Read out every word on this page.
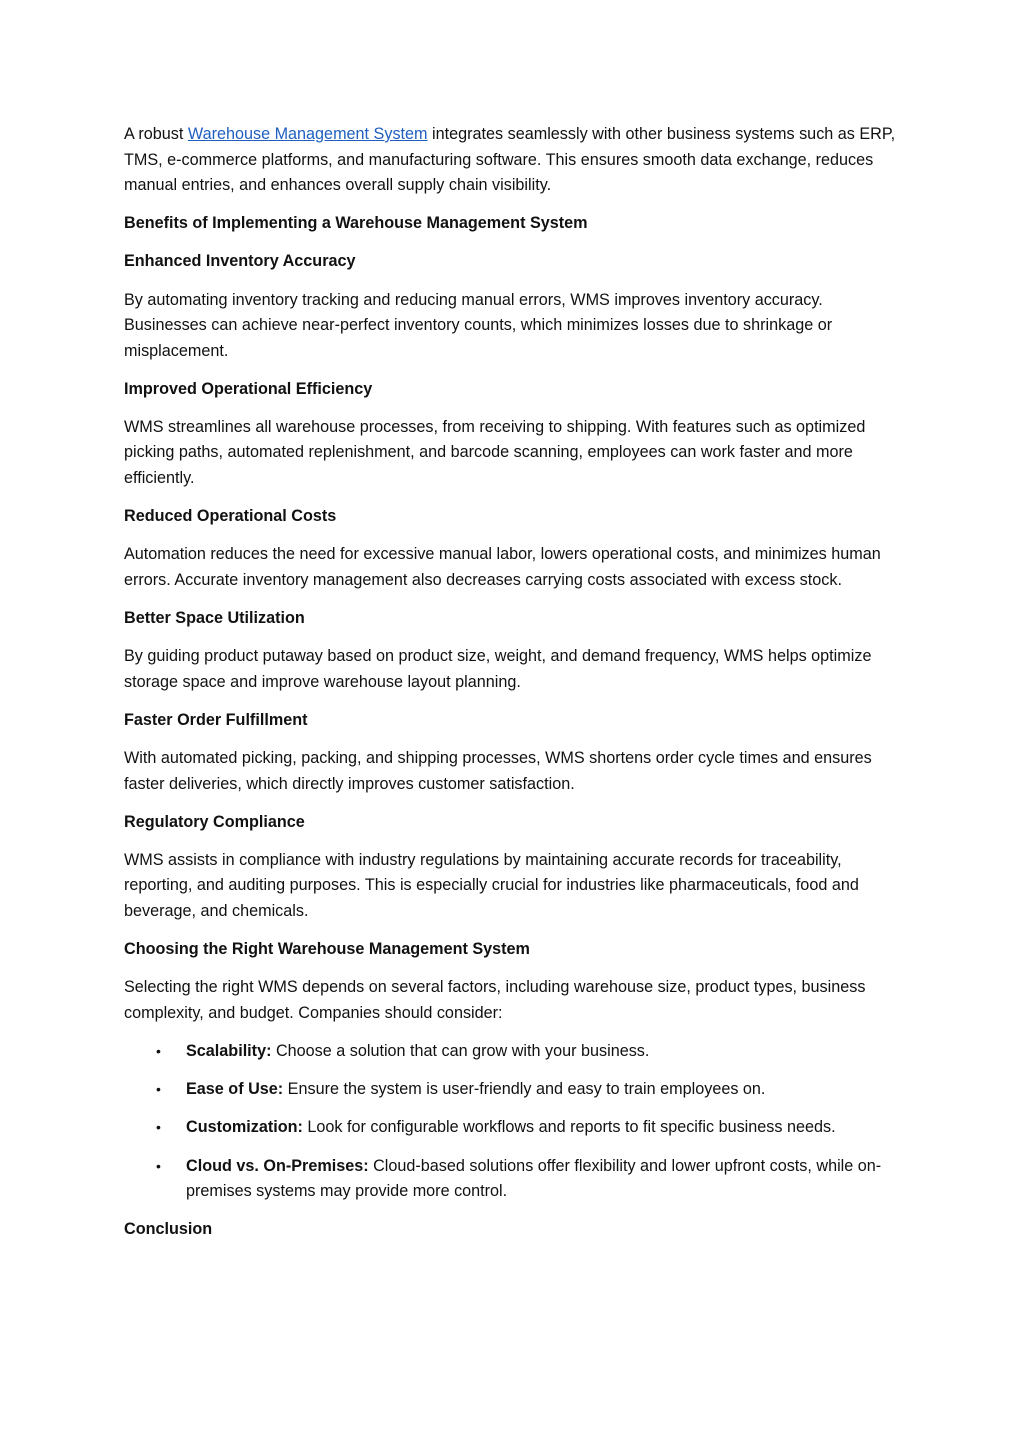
A robust Warehouse Management System integrates seamlessly with other business systems such as ERP, TMS, e-commerce platforms, and manufacturing software. This ensures smooth data exchange, reduces manual entries, and enhances overall supply chain visibility.

Benefits of Implementing a Warehouse Management System

Enhanced Inventory Accuracy

By automating inventory tracking and reducing manual errors, WMS improves inventory accuracy. Businesses can achieve near-perfect inventory counts, which minimizes losses due to shrinkage or misplacement.

Improved Operational Efficiency

WMS streamlines all warehouse processes, from receiving to shipping. With features such as optimized picking paths, automated replenishment, and barcode scanning, employees can work faster and more efficiently.

Reduced Operational Costs

Automation reduces the need for excessive manual labor, lowers operational costs, and minimizes human errors. Accurate inventory management also decreases carrying costs associated with excess stock.

Better Space Utilization

By guiding product putaway based on product size, weight, and demand frequency, WMS helps optimize storage space and improve warehouse layout planning.

Faster Order Fulfillment

With automated picking, packing, and shipping processes, WMS shortens order cycle times and ensures faster deliveries, which directly improves customer satisfaction.

Regulatory Compliance

WMS assists in compliance with industry regulations by maintaining accurate records for traceability, reporting, and auditing purposes. This is especially crucial for industries like pharmaceuticals, food and beverage, and chemicals.

Choosing the Right Warehouse Management System

Selecting the right WMS depends on several factors, including warehouse size, product types, business complexity, and budget. Companies should consider:

• Scalability: Choose a solution that can grow with your business.
• Ease of Use: Ensure the system is user-friendly and easy to train employees on.
• Customization: Look for configurable workflows and reports to fit specific business needs.
• Cloud vs. On-Premises: Cloud-based solutions offer flexibility and lower upfront costs, while on-premises systems may provide more control.

Conclusion
